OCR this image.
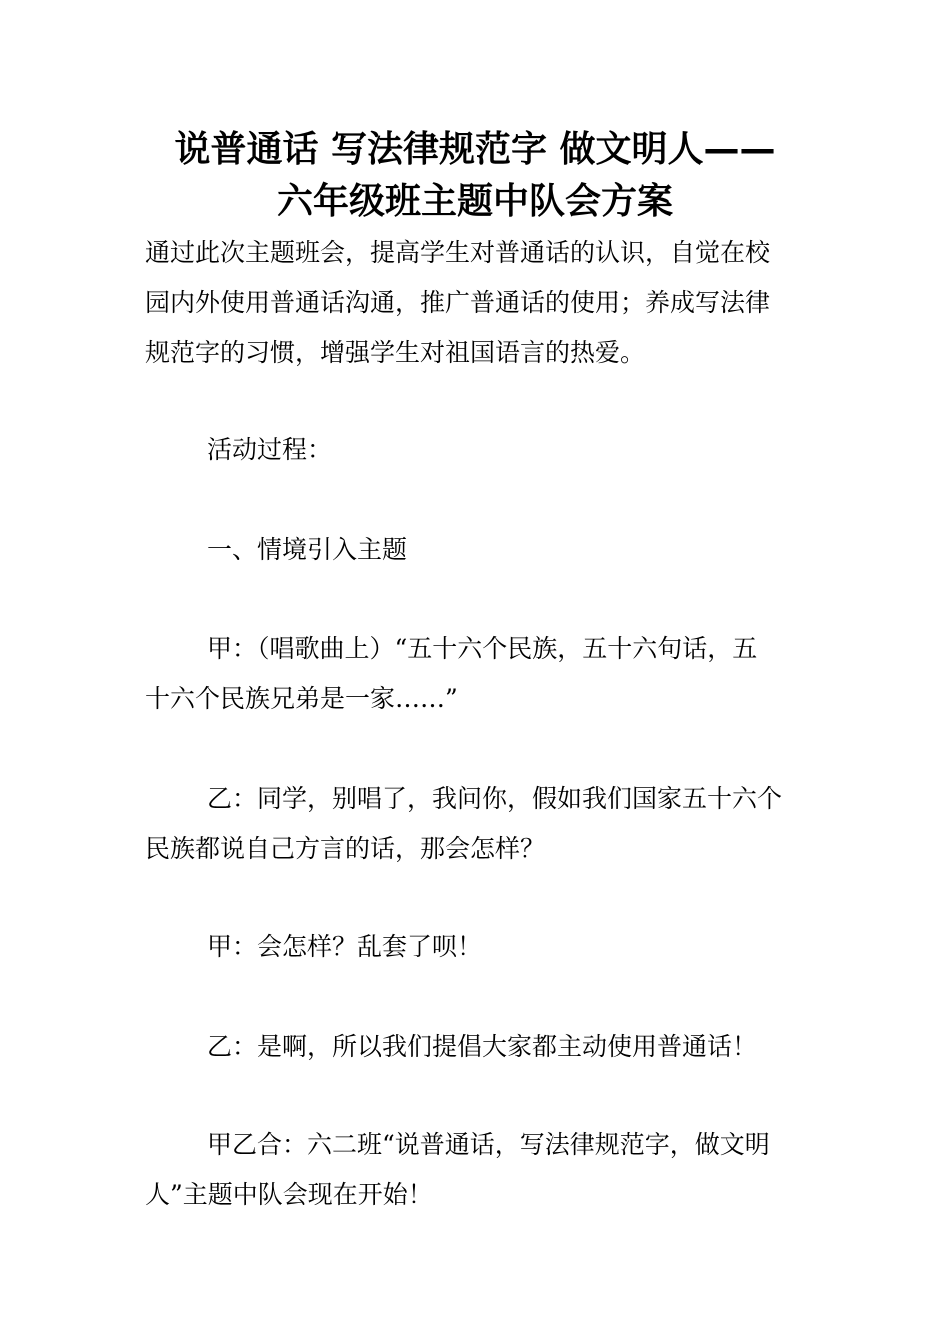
说普通话 写法律规范字 做文明人——
六年级班主题中队会方案
通过此次主题班会，提高学生对普通话的认识，自觉在校
园内外使用普通话沟通，推广普通话的使用；养成写法律
规范字的习惯，增强学生对祖国语言的热爱。
活动过程：
一、情境引入主题
甲：（唱歌曲上）“五十六个民族，五十六句话，五
十六个民族兄弟是一家……”
乙：同学，别唱了，我问你，假如我们国家五十六个
民族都说自己方言的话，那会怎样？
甲：会怎样？乱套了呗！
乙：是啊，所以我们提倡大家都主动使用普通话！
甲乙合：六二班“说普通话，写法律规范字，做文明
人”主题中队会现在开始！
